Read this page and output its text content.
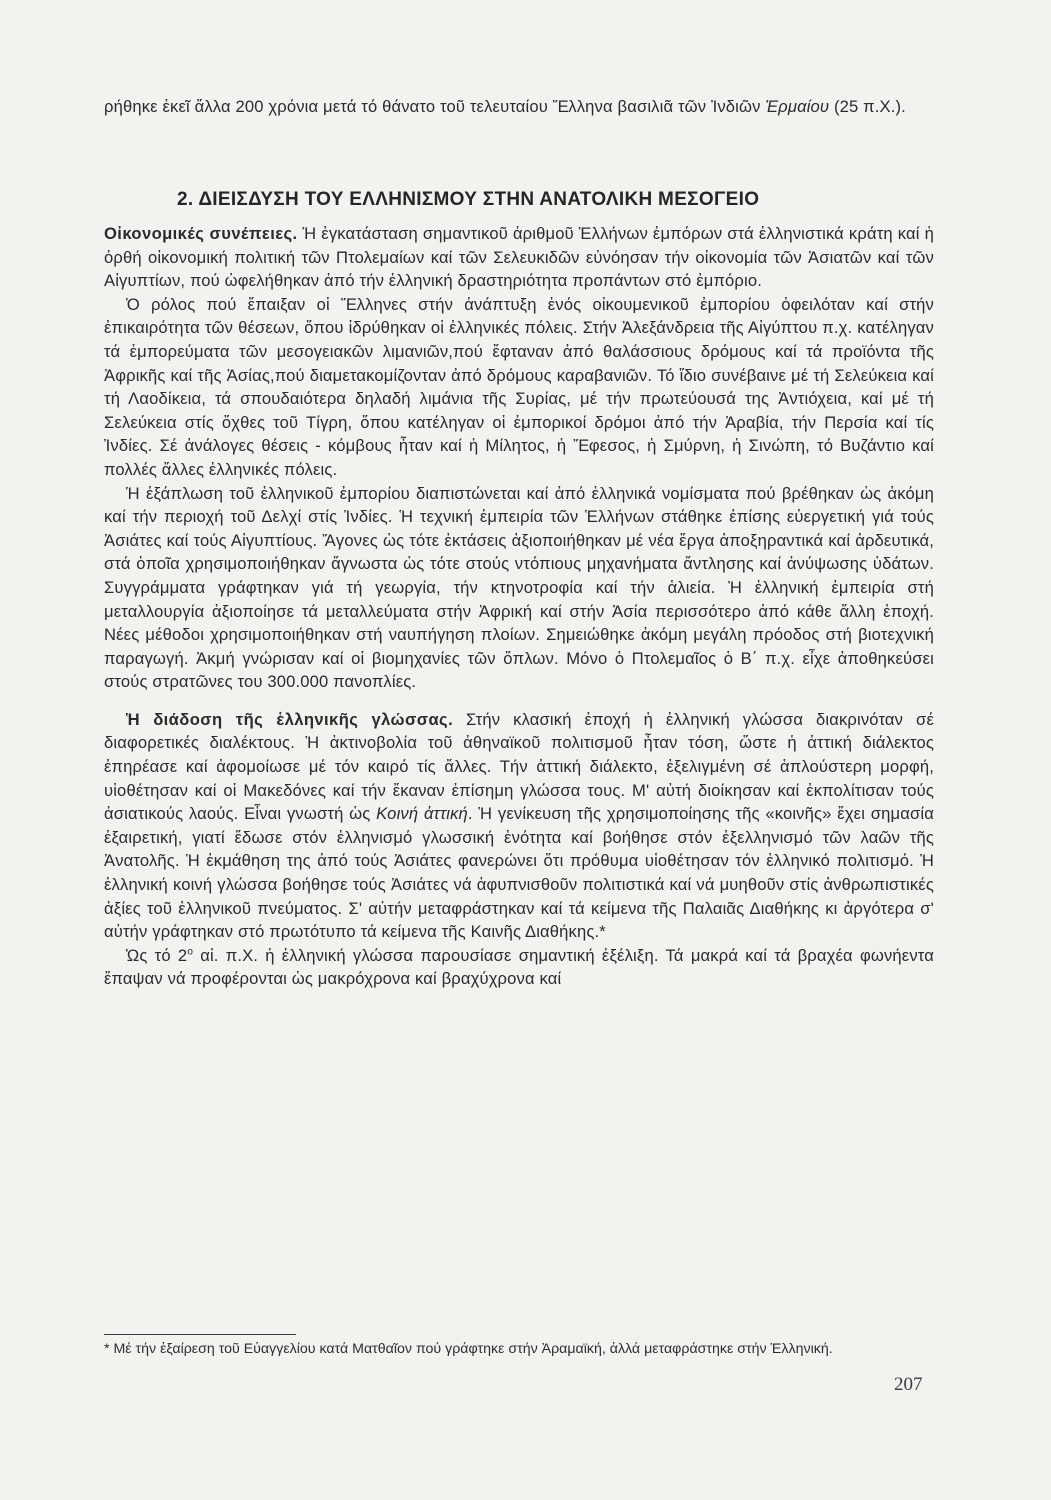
ρήθηκε ἐκεῖ ἄλλα 200 χρόνια μετά τό θάνατο τοῦ τελευταίου Ἕλληνα βασιλιᾶ τῶν Ἰνδιῶν Ἑρμαίου (25 π.Χ.).

2. ΔΙΕΙΣΔΥΣΗ ΤΟΥ ΕΛΛΗΝΙΣΜΟΥ ΣΤΗΝ ΑΝΑΤΟΛΙΚΗ ΜΕΣΟΓΕΙΟ

Οἰκονομικές συνέπειες. Ἡ ἐγκατάσταση σημαντικοῦ ἀριθμοῦ Ἑλλήνων ἐμπόρων στά ἑλληνιστικά κράτη καί ἡ ὀρθή οἰκονομική πολιτική τῶν Πτολεμαίων καί τῶν Σελευκιδῶν εὐνόησαν τήν οἰκονομία τῶν Ἀσιατῶν καί τῶν Αἰγυπτίων, πού ὠφελήθηκαν ἀπό τήν ἑλληνική δραστηριότητα προπάντων στό ἐμπόριο.

Ὁ ρόλος πού ἔπαιξαν οἱ Ἕλληνες στήν ἀνάπτυξη ἑνός οἰκουμενικοῦ ἐμπορίου ὀφειλόταν καί στήν ἐπικαιρότητα τῶν θέσεων, ὅπου ἱδρύθηκαν οἱ ἑλληνικές πόλεις. Στήν Ἀλεξάνδρεια τῆς Αἰγύπτου π.χ. κατέληγαν τά ἐμπορεύματα τῶν μεσογειακῶν λιμανιῶν,πού ἔφταναν ἀπό θαλάσσιους δρόμους καί τά προϊόντα τῆς Ἀφρικῆς καί τῆς Ἀσίας,πού διαμετακομίζονταν ἀπό δρόμους καραβανιῶν. Τό ἴδιο συνέβαινε μέ τή Σελεύκεια καί τή Λαοδίκεια, τά σπουδαιότερα δηλαδή λιμάνια τῆς Συρίας, μέ τήν πρωτεύουσά της Ἀντιόχεια, καί μέ τή Σελεύκεια στίς ὄχθες τοῦ Τίγρη, ὅπου κατέληγαν οἱ ἐμπορικοί δρόμοι ἀπό τήν Ἀραβία, τήν Περσία καί τίς Ἰνδίες. Σέ ἀνάλογες θέσεις - κόμβους ἦταν καί ἡ Μίλητος, ἡ Ἔφεσος, ἡ Σμύρνη, ἡ Σινώπη, τό Βυζάντιο καί πολλές ἄλλες ἑλληνικές πόλεις.

Ἡ ἐξάπλωση τοῦ ἑλληνικοῦ ἐμπορίου διαπιστώνεται καί ἀπό ἑλληνικά νομίσματα πού βρέθηκαν ὡς ἀκόμη καί τήν περιοχή τοῦ Δελχί στίς Ἰνδίες. Ἡ τεχνική ἐμπειρία τῶν Ἑλλήνων στάθηκε ἐπίσης εὐεργετική γιά τούς Ἀσιάτες καί τούς Αἰγυπτίους. Ἄγονες ὡς τότε ἐκτάσεις ἀξιοποιήθηκαν μέ νέα ἔργα ἀποξηραντικά καί ἀρδευτικά, στά ὁποῖα χρησιμοποιήθηκαν ἄγνωστα ὡς τότε στούς ντόπιους μηχανήματα ἄντλησης καί ἀνύψωσης ὑδάτων. Συγγράμματα γράφτηκαν γιά τή γεωργία, τήν κτηνοτροφία καί τήν ἁλιεία. Ἡ ἑλληνική ἐμπειρία στή μεταλλουργία ἀξιοποίησε τά μεταλλεύματα στήν Ἀφρική καί στήν Ἀσία περισσότερο ἀπό κάθε ἄλλη ἐποχή. Νέες μέθοδοι χρησιμοποιήθηκαν στή ναυπήγηση πλοίων. Σημειώθηκε ἀκόμη μεγάλη πρόοδος στή βιοτεχνική παραγωγή. Ἀκμή γνώρισαν καί οἱ βιομηχανίες τῶν ὅπλων. Μόνο ὁ Πτολεμαῖος ὁ Β΄ π.χ. εἶχε ἀποθηκεύσει στούς στρατῶνες του 300.000 πανοπλίες.

Ἡ διάδοση τῆς ἑλληνικῆς γλώσσας. Στήν κλασική ἐποχή ἡ ἑλληνική γλώσσα διακρινόταν σέ διαφορετικές διαλέκτους. Ἡ ἀκτινοβολία τοῦ ἀθηναϊκοῦ πολιτισμοῦ ἦταν τόση, ὥστε ἡ ἀττική διάλεκτος ἐπηρέασε καί ἀφομοίωσε μέ τόν καιρό τίς ἄλλες. Τήν ἀττική διάλεκτο, ἐξελιγμένη σέ ἁπλούστερη μορφή, υἱοθέτησαν καί οἱ Μακεδόνες καί τήν ἔκαναν ἐπίσημη γλώσσα τους. Μ' αὐτή διοίκησαν καί ἐκπολίτισαν τούς ἀσιατικούς λαούς. Εἶναι γνωστή ὡς Κοινή ἀττική. Ἡ γενίκευση τῆς χρησιμοποίησης τῆς «κοινῆς» ἔχει σημασία ἐξαιρετική, γιατί ἔδωσε στόν ἑλληνισμό γλωσσική ἑνότητα καί βοήθησε στόν ἐξελληνισμό τῶν λαῶν τῆς Ἀνατολῆς. Ἡ ἐκμάθηση της ἀπό τούς Ἀσιάτες φανερώνει ὅτι πρόθυμα υἱοθέτησαν τόν ἑλληνικό πολιτισμό. Ἡ ἑλληνική κοινή γλώσσα βοήθησε τούς Ἀσιάτες νά ἀφυπνισθοῦν πολιτιστικά καί νά μυηθοῦν στίς ἀνθρωπιστικές ἀξίες τοῦ ἑλληνικοῦ πνεύματος. Σ' αὐτήν μεταφράστηκαν καί τά κείμενα τῆς Παλαιᾶς Διαθήκης κι ἀργότερα σ' αὐτήν γράφτηκαν στό πρωτότυπο τά κείμενα τῆς Καινῆς Διαθήκης.*

Ὡς τό $2^o$ αἰ. π.Χ. ἡ ἑλληνική γλώσσα παρουσίασε σημαντική ἐξέλιξη. Τά μακρά καί τά βραχέα φωνήεντα ἔπαψαν νά προφέρονται ὡς μακρόχρονα καί βραχύχρονα καί

* Μέ τήν ἐξαίρεση τοῦ Εὐαγγελίου κατά Ματθαῖον πού γράφτηκε στήν Ἀραμαϊκή, ἀλλά μεταφράστηκε στήν Ἑλληνική.
207
